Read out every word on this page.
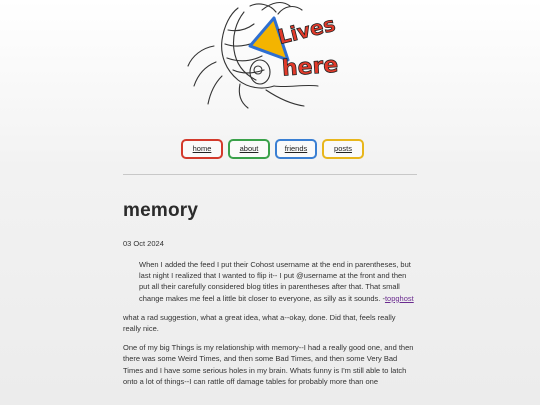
Lives
here
home	about	friends	posts
memory
03 Oct 2024
When I added the feed I put their Cohost username at the end in parentheses, but last night I realized that I wanted to flip it-- I put @username at the front and then put all their carefully considered blog titles in parentheses after that. That small change makes me feel a little bit closer to everyone, as silly as it sounds. -topghost

what a rad suggestion, what a great idea, what a--okay, done. Did that, feels really really nice.

One of my big Things is my relationship with memory--I had a really good one, and then there was some Weird Times, and then some Bad Times, and then some Very Bad Times and I have some serious holes in my brain. Whats funny is I'm still able to latch onto a lot of things--I can rattle off damage tables for probably more than one
